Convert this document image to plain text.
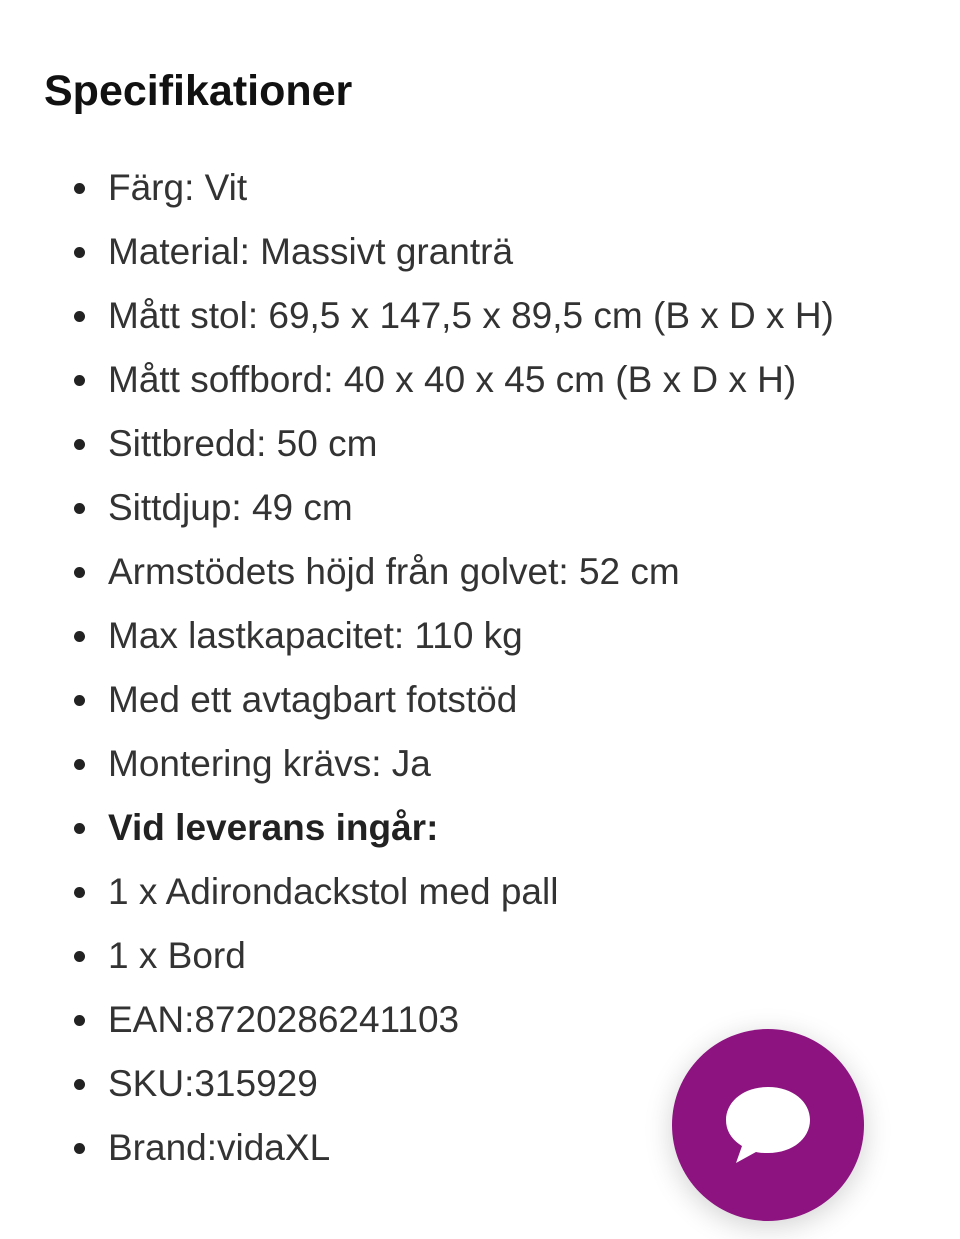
Specifikationer
Färg: Vit
Material: Massivt granträ
Mått stol: 69,5 x 147,5 x 89,5 cm (B x D x H)
Mått soffbord: 40 x 40 x 45 cm (B x D x H)
Sittbredd: 50 cm
Sittdjup: 49 cm
Armstödets höjd från golvet: 52 cm
Max lastkapacitet: 110 kg
Med ett avtagbart fotstöd
Montering krävs: Ja
Vid leverans ingår:
1 x Adirondackstol med pall
1 x Bord
EAN:8720286241103
SKU:315929
Brand:vidaXL
